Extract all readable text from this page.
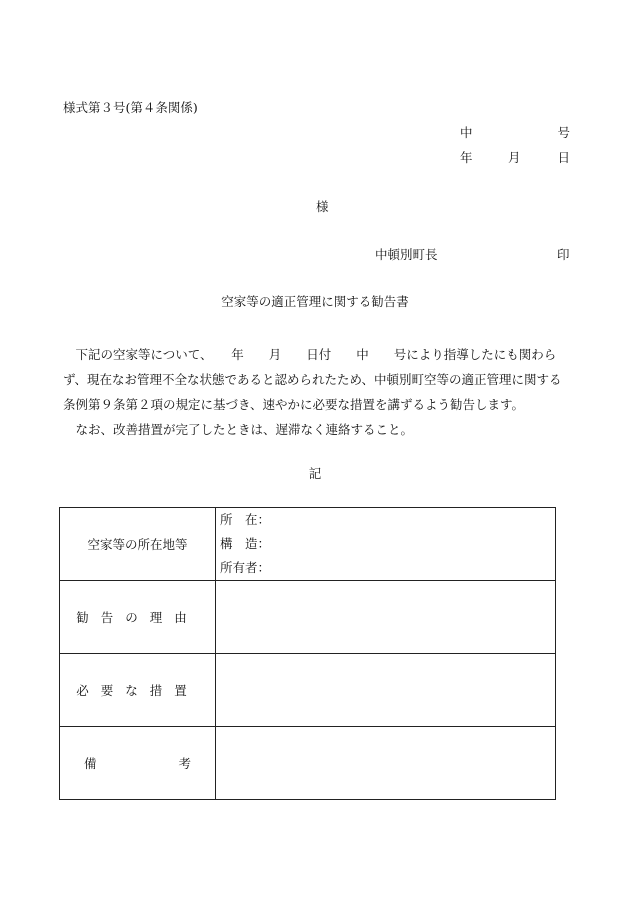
様式第３号(第４条関係)
中	号
年	月	日
様
中頓別町長	印
空家等の適正管理に関する勧告書

　下記の空家等について、　　年　　月　　日付　　中　　号により指導したにも関わらず、現在なお管理不全な状態であると認められたため、中頓別町空等の適正管理に関する条例第９条第２項の規定に基づき、速やかに必要な措置を講ずるよう勧告します。

　なお、改善措置が完了したときは、遅滞なく連絡すること。

記
空家等の所在地等	所　在：
構　造：
所有者：

勧告の理由	
必要な措置	

備 考	
